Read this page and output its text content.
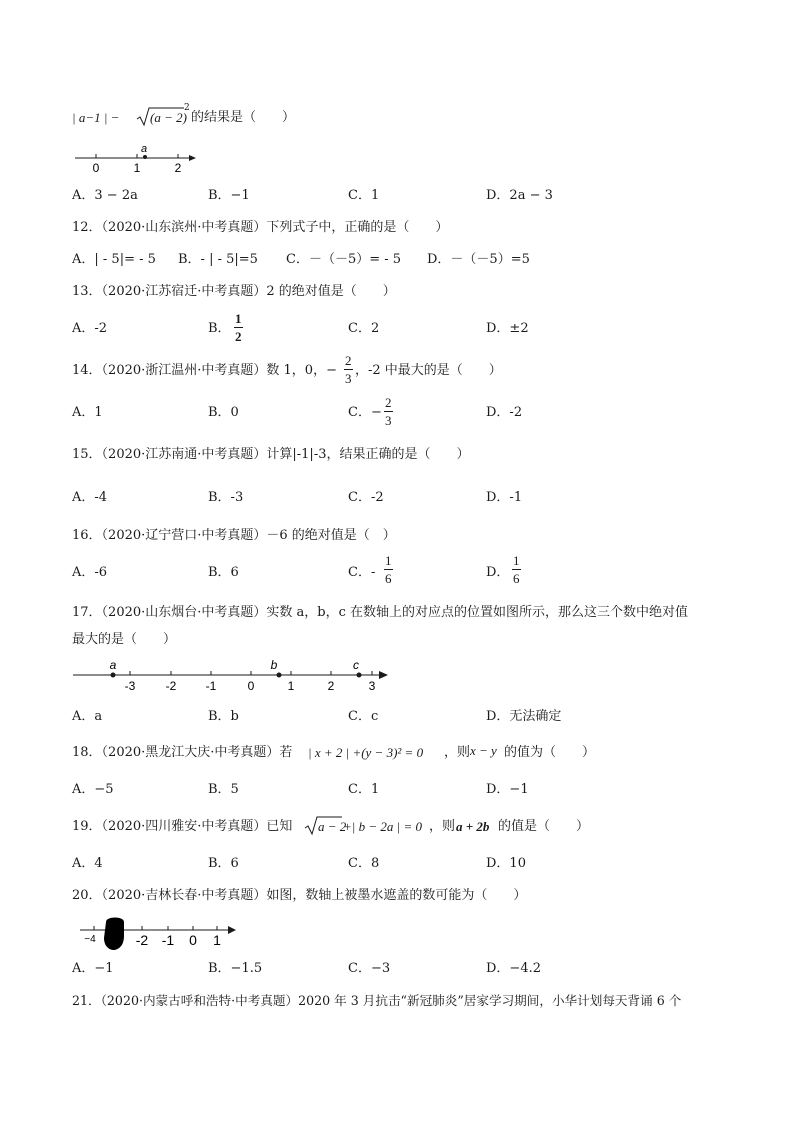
| a−1 | − (a − 2)
2
的结果是（　　）
a
0	1	2
A．3 − 2a	B．−1	C．1	D．2a − 3
12．（2020·山东滨州·中考真题）下列式子中，正确的是（　　）
A．| - 5|= - 5 B．- | - 5|=5 C．－（－5）= - 5 D．－（－5）=5
13．（2020·江苏宿迁·中考真题）2 的绝对值是（　　）
A．-2	B． $\frac{1}{2}$	C．2	D．±2
14．（2020·浙江温州·中考真题）数 1，0，− $\frac{2}{3}$ ，-2 中最大的是（　　）
A．1	B．0	C．− $\frac{2}{3}$	D．-2
15．（2020·江苏南通·中考真题）计算|-1|-3，结果正确的是（　　）
A．-4	B．-3	C．-2	D．-1
16．（2020·辽宁营口·中考真题）－6 的绝对值是（　）
A．-6	B．6	C．- $\frac{1}{6}$	D． $\frac{1}{6}$
17．（2020·山东烟台·中考真题）实数 a，b，c 在数轴上的对应点的位置如图所示，那么这三个数中绝对值
最大的是（　　）
a	b	c
-3	-2 -1	0	1	2	3
A．a	B．b	C．c	D．无法确定
18．（2020·黑龙江大庆·中考真题）若 | x + 2 | +(y − 3)² = 0 ，则 x − y 的值为（　　）
A．−5	B．5	C．1	D．−1
19．（2020·四川雅安·中考真题）已知 a − 2
+| b − 2a | = 0 ，则 a + 2b 的值是（　　）
A．4	B．6	C．8	D．10
20．（2020·吉林长春·中考真题）如图，数轴上被墨水遮盖的数可能为（　　）
−4	-2 -1 0 1
A．−1	B．−1.5	C．−3	D．−4.2
21．（2020·内蒙古呼和浩特·中考真题）2020 年 3 月抗击“新冠肺炎”居家学习期间，小华计划每天背诵 6 个
